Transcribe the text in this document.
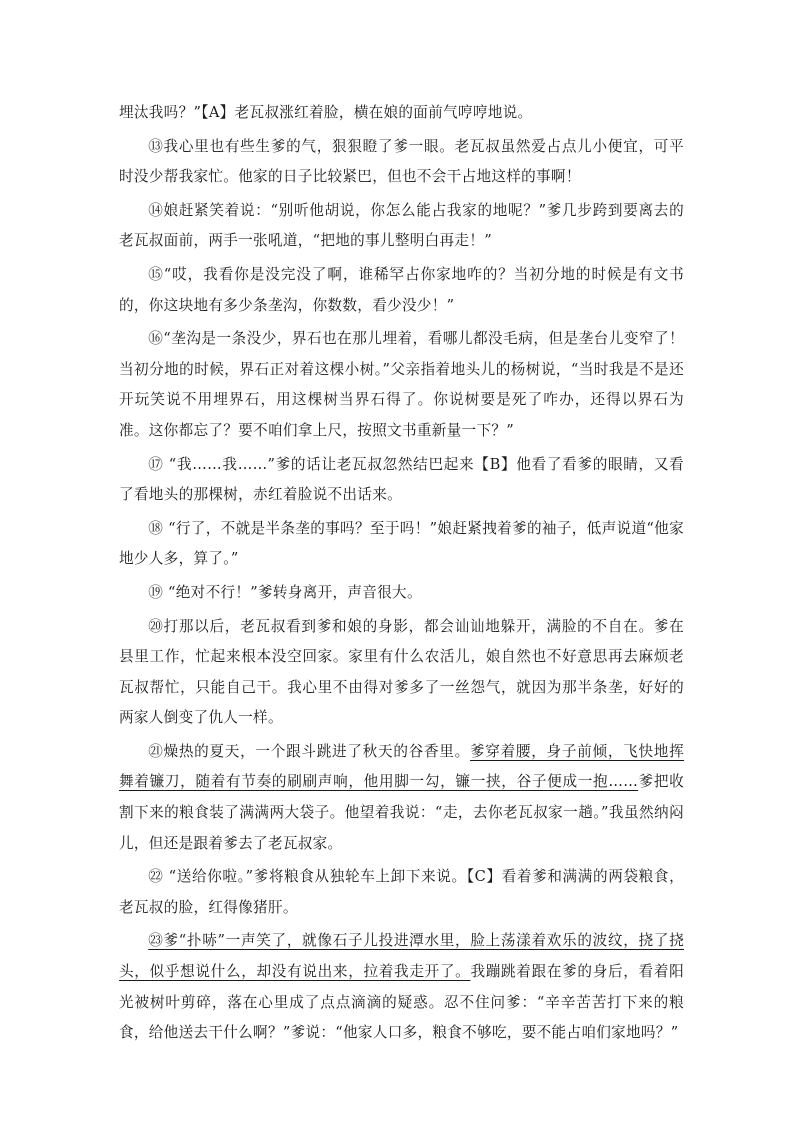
埋汰我吗？”【A】老瓦叔涨红着脸，横在娘的面前气哼哼地说。

⑬我心里也有些生爹的气，狠狠瞪了爹一眼。老瓦叔虽然爱占点儿小便宜，可平时没少帮我家忙。他家的日子比较紧巴，但也不会干占地这样的事啊！

⑭娘赶紧笑着说：“别听他胡说，你怎么能占我家的地呢？”爹几步跨到要离去的老瓦叔面前，两手一张吼道，“把地的事儿整明白再走！”

⑮“哎，我看你是没完没了啊，谁稀罕占你家地咋的？当初分地的时候是有文书的，你这块地有多少条垄沟，你数数，看少没少！”

⑯“垄沟是一条没少，界石也在那儿埋着，看哪儿都没毛病，但是垄台儿变窄了！当初分地的时候，界石正对着这棵小树。”父亲指着地头儿的杨树说，“当时我是不是还开玩笑说不用埋界石，用这棵树当界石得了。你说树要是死了咋办，还得以界石为准。这你都忘了？要不咱们拿上尺，按照文书重新量一下？”

⑰ “我……我……”爹的话让老瓦叔忽然结巴起来【B】他看了看爹的眼睛，又看了看地头的那棵树，赤红着脸说不出话来。

⑱ “行了，不就是半条垄的事吗？至于吗！”娘赶紧拽着爹的袖子，低声说道“他家地少人多，算了。”

⑲ “绝对不行！”爹转身离开，声音很大。

⑳打那以后，老瓦叔看到爹和娘的身影，都会讪讪地躲开，满脸的不自在。爹在县里工作，忙起来根本没空回家。家里有什么农活儿，娘自然也不好意思再去麻烦老瓦叔帮忙，只能自己干。我心里不由得对爹多了一丝怨气，就因为那半条垄，好好的两家人倒变了仇人一样。

㉑燥热的夏天，一个跟斗跳进了秋天的谷香里。爹穿着腰，身子前倾，飞快地挥舞着镰刀，随着有节奏的刷刷声响，他用脚一勾，镰一挟，谷子便成一抱……爹把收割下来的粮食装了满满两大袋子。他望着我说：“走，去你老瓦叔家一趟。”我虽然纳闷儿，但还是跟着爹去了老瓦叔家。

㉒ “送给你啦。”爹将粮食从独轮车上卸下来说。【C】看着爹和满满的两袋粮食，老瓦叔的脸，红得像猪肝。

㉓爹“扑哧”一声笑了，就像石子儿投进潭水里，脸上荡漾着欢乐的波纹，挠了挠头，似乎想说什么，却没有说出来，拉着我走开了。我蹦跳着跟在爹的身后，看着阳光被树叶剪碎，落在心里成了点点滴滴的疑惑。忍不住问爹：“辛辛苦苦打下来的粮食，给他送去干什么啊？”爹说：“他家人口多，粮食不够吃，要不能占咱们家地吗？”
